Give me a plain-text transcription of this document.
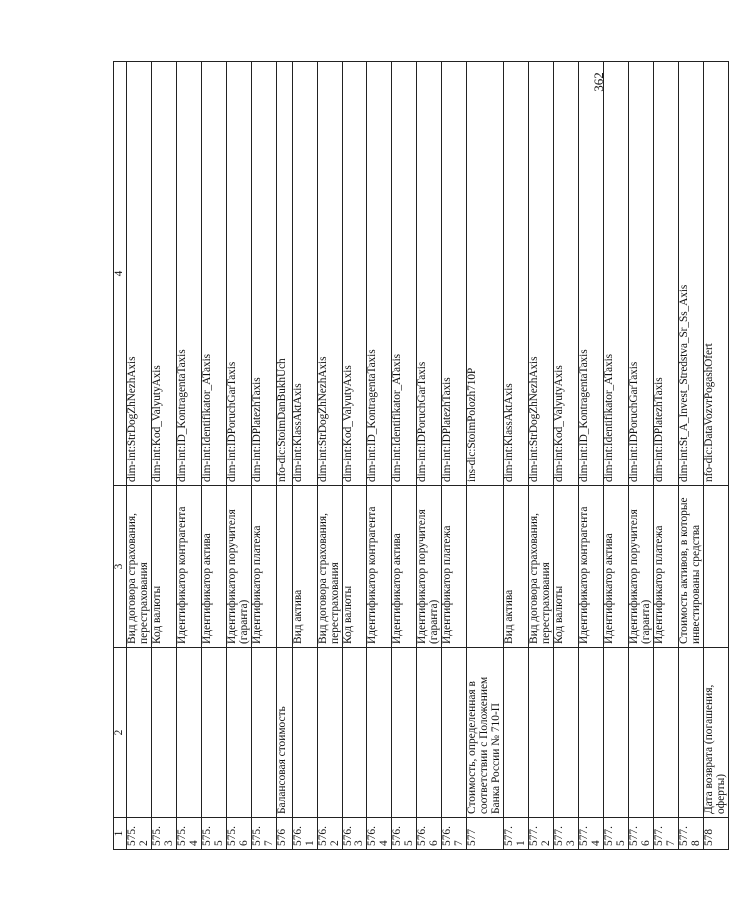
362
1	2	3	4
575.2		Вид договора страхования, перестрахования	dim-int:StrDogZhNezhAxis
575.3		Код валюты	dim-int:Kod_ValyutyAxis
575.4		Идентификатор контрагента	dim-int:ID_KontragentaTaxis
575.5		Идентификатор актива	dim-int:Identifikator_ATaxis
575.6		Идентификатор поручителя (гаранта)	dim-int:IDPoruchGarTaxis
575.7		Идентификатор платежа	dim-int:IDPlatezhTaxis
576	Балансовая стоимость		nfo-dic:StoimDanBukhUch
576.1		Вид актива	dim-int:KlassAktAxis
576.2		Вид договора страхования, перестрахования	dim-int:StrDogZhNezhAxis
576.3		Код валюты	dim-int:Kod_ValyutyAxis
576.4		Идентификатор контрагента	dim-int:ID_KontragentaTaxis
576.5		Идентификатор актива	dim-int:Identifikator_ATaxis
576.6		Идентификатор поручителя (гаранта)	dim-int:IDPoruchGarTaxis
576.7		Идентификатор платежа	dim-int:IDPlatezhTaxis
577	Стоимость, определенная в соответствии с Положением Банка России № 710-П		ins-dic:StoimPolozh710P
577.1		Вид актива	dim-int:KlassAktAxis
577.2		Вид договора страхования, перестрахования	dim-int:StrDogZhNezhAxis
577.3		Код валюты	dim-int:Kod_ValyutyAxis
577.4		Идентификатор контрагента	dim-int:ID_KontragentaTaxis
577.5		Идентификатор актива	dim-int:Identifikator_ATaxis
577.6		Идентификатор поручителя (гаранта)	dim-int:IDPoruchGarTaxis
577.7		Идентификатор платежа	dim-int:IDPlatezhTaxis
577.8		Стоимость активов, в которые инвестированы средства	dim-int:St_A_Invest_Stredstva_Sr_Ss_Axis
578	Дата возврата (погашения, оферты)		nfo-dic:DataVozvrPogashOfert
